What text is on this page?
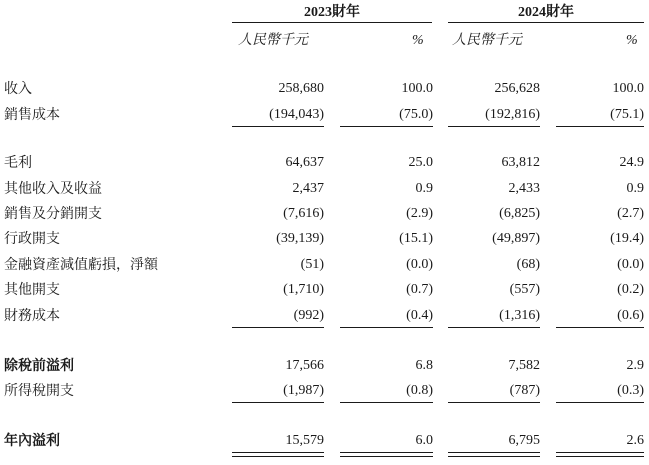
2023財年	2024財年
人民幣千元	% 人民幣千元	%
收入	258,680	100.0	256,628	100.0
銷售成本	(194,043)	(75.0)	(192,816)	(75.1)
毛利	64,637	25.0	63,812	24.9
其他收入及收益	2,437	0.9	2,433	0.9
銷售及分銷開支	(7,616)	(2.9)	(6,825)	(2.7)
行政開支	(39,139)	(15.1)	(49,897)	(19.4)
金融資產減值虧損，淨額	(51)	(0.0)	(68)	(0.0)
其他開支	(1,710)	(0.7)	(557)	(0.2)
財務成本	(992)	(0.4)	(1,316)	(0.6)
除稅前溢利	17,566	6.8	7,582	2.9
所得稅開支	(1,987)	(0.8)	(787)	(0.3)
年內溢利	15,579	6.0	6,795	2.6
